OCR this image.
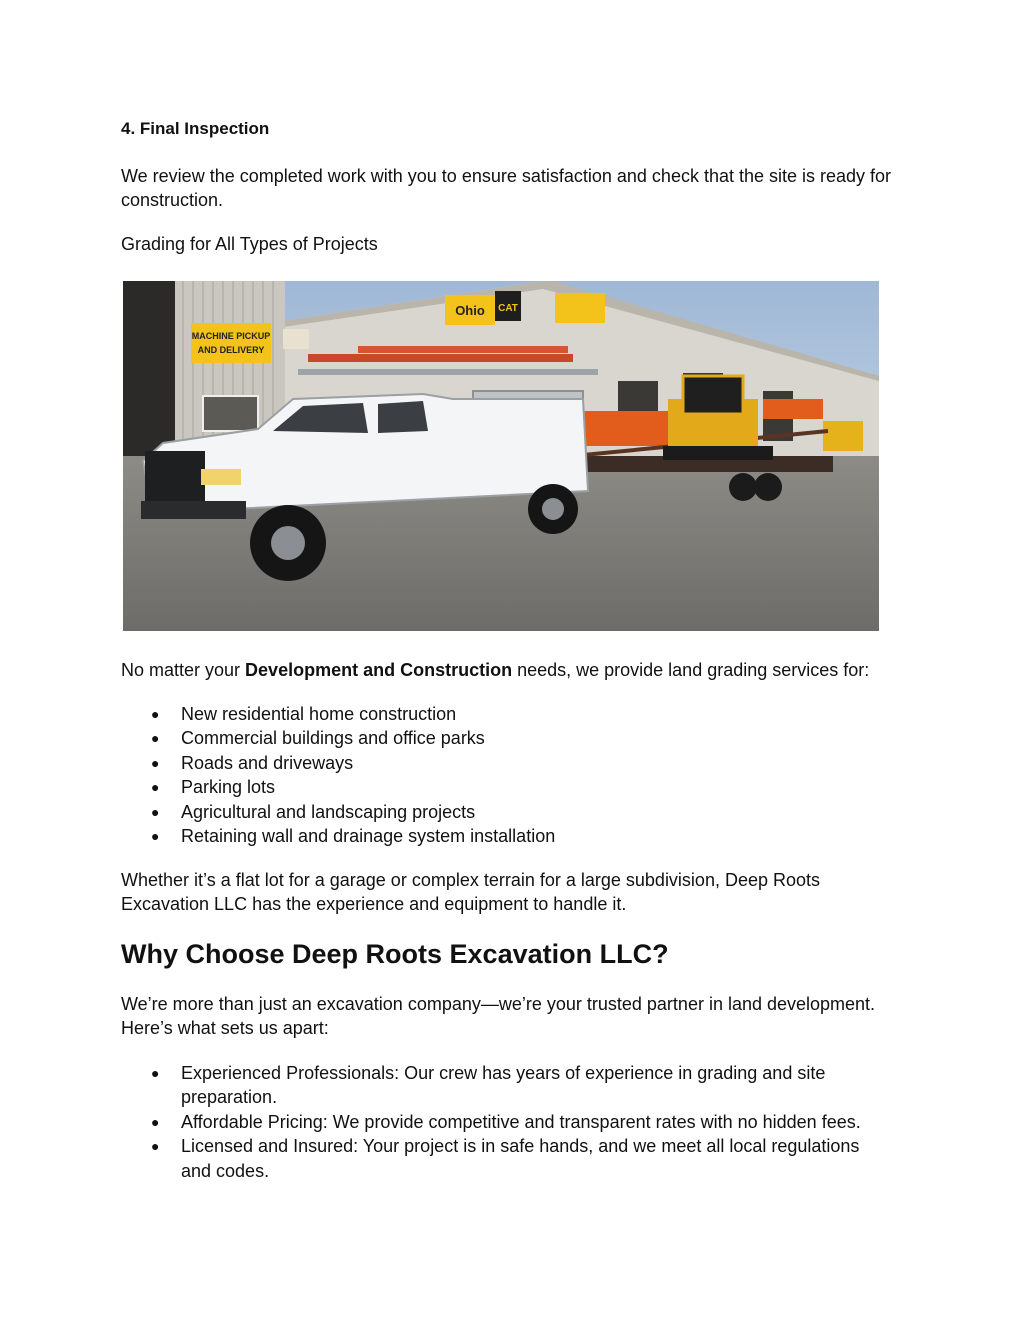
4. Final Inspection

We review the completed work with you to ensure satisfaction and check that the site is ready for construction.

Grading for All Types of Projects

MACHINE PICKUP
AND DELIVERY
Ohio CAT

No matter your Development and Construction needs, we provide land grading services for:

● New residential home construction
● Commercial buildings and office parks
● Roads and driveways
● Parking lots
● Agricultural and landscaping projects
● Retaining wall and drainage system installation

Whether it’s a flat lot for a garage or complex terrain for a large subdivision, Deep Roots Excavation LLC has the experience and equipment to handle it.

Why Choose Deep Roots Excavation LLC?

We’re more than just an excavation company—we’re your trusted partner in land development. Here’s what sets us apart:

● Experienced Professionals: Our crew has years of experience in grading and site preparation.
● Affordable Pricing: We provide competitive and transparent rates with no hidden fees.
● Licensed and Insured: Your project is in safe hands, and we meet all local regulations and codes.
